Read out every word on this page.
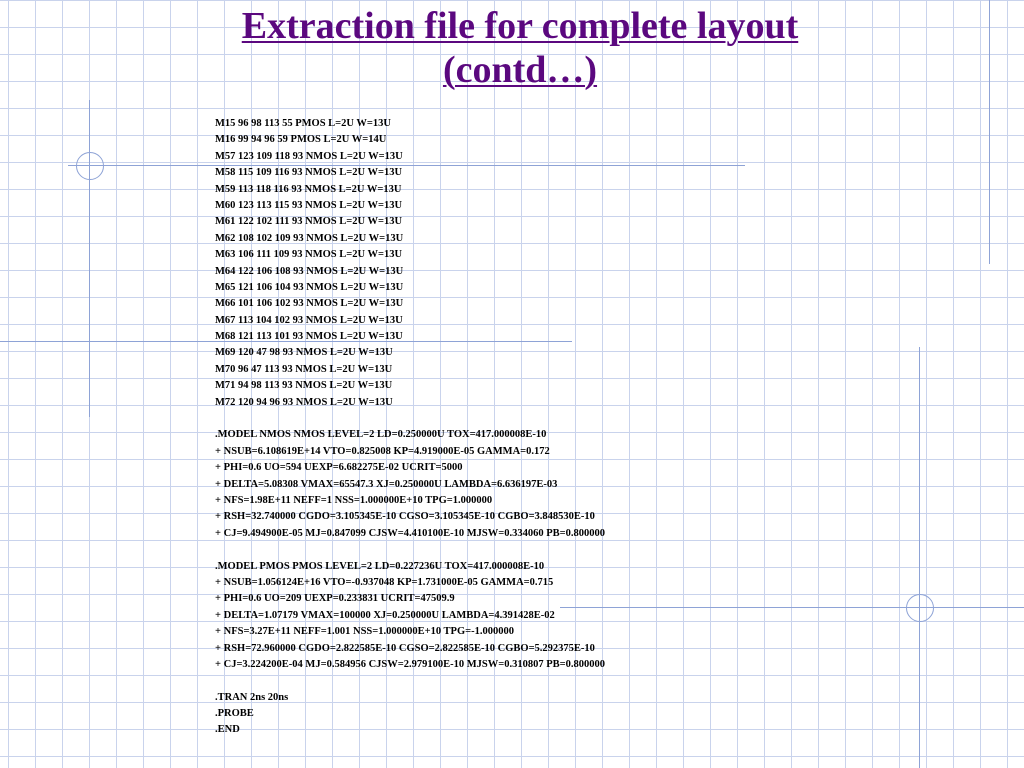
Extraction file for complete layout
(contd…)
M15 96 98 113 55 PMOS L=2U W=13U
M16 99 94 96 59 PMOS L=2U W=14U
M57 123 109 118 93 NMOS L=2U W=13U
M58 115 109 116 93 NMOS L=2U W=13U
M59 113 118 116 93 NMOS L=2U W=13U
M60 123 113 115 93 NMOS L=2U W=13U
M61 122 102 111 93 NMOS L=2U W=13U
M62 108 102 109 93 NMOS L=2U W=13U
M63 106 111 109 93 NMOS L=2U W=13U
M64 122 106 108 93 NMOS L=2U W=13U
M65 121 106 104 93 NMOS L=2U W=13U
M66 101 106 102 93 NMOS L=2U W=13U
M67 113 104 102 93 NMOS L=2U W=13U
M68 121 113 101 93 NMOS L=2U W=13U
M69 120 47 98 93 NMOS L=2U W=13U
M70 96 47 113 93 NMOS L=2U W=13U
M71 94 98 113 93 NMOS L=2U W=13U
M72 120 94 96 93 NMOS L=2U W=13U
.MODEL NMOS NMOS LEVEL=2 LD=0.250000U TOX=417.000008E-10
+ NSUB=6.108619E+14 VTO=0.825008 KP=4.919000E-05 GAMMA=0.172
+ PHI=0.6 UO=594 UEXP=6.682275E-02 UCRIT=5000
+ DELTA=5.08308 VMAX=65547.3 XJ=0.250000U LAMBDA=6.636197E-03
+ NFS=1.98E+11 NEFF=1 NSS=1.000000E+10 TPG=1.000000
+ RSH=32.740000 CGDO=3.105345E-10 CGSO=3.105345E-10 CGBO=3.848530E-10
+ CJ=9.494900E-05 MJ=0.847099 CJSW=4.410100E-10 MJSW=0.334060 PB=0.800000
.MODEL PMOS PMOS LEVEL=2 LD=0.227236U TOX=417.000008E-10
+ NSUB=1.056124E+16 VTO=-0.937048 KP=1.731000E-05 GAMMA=0.715
+ PHI=0.6 UO=209 UEXP=0.233831 UCRIT=47509.9
+ DELTA=1.07179 VMAX=100000 XJ=0.250000U LAMBDA=4.391428E-02
+ NFS=3.27E+11 NEFF=1.001 NSS=1.000000E+10 TPG=-1.000000
+ RSH=72.960000 CGDO=2.822585E-10 CGSO=2.822585E-10 CGBO=5.292375E-10
+ CJ=3.224200E-04 MJ=0.584956 CJSW=2.979100E-10 MJSW=0.310807 PB=0.800000
.TRAN 2ns 20ns
.PROBE
.END
